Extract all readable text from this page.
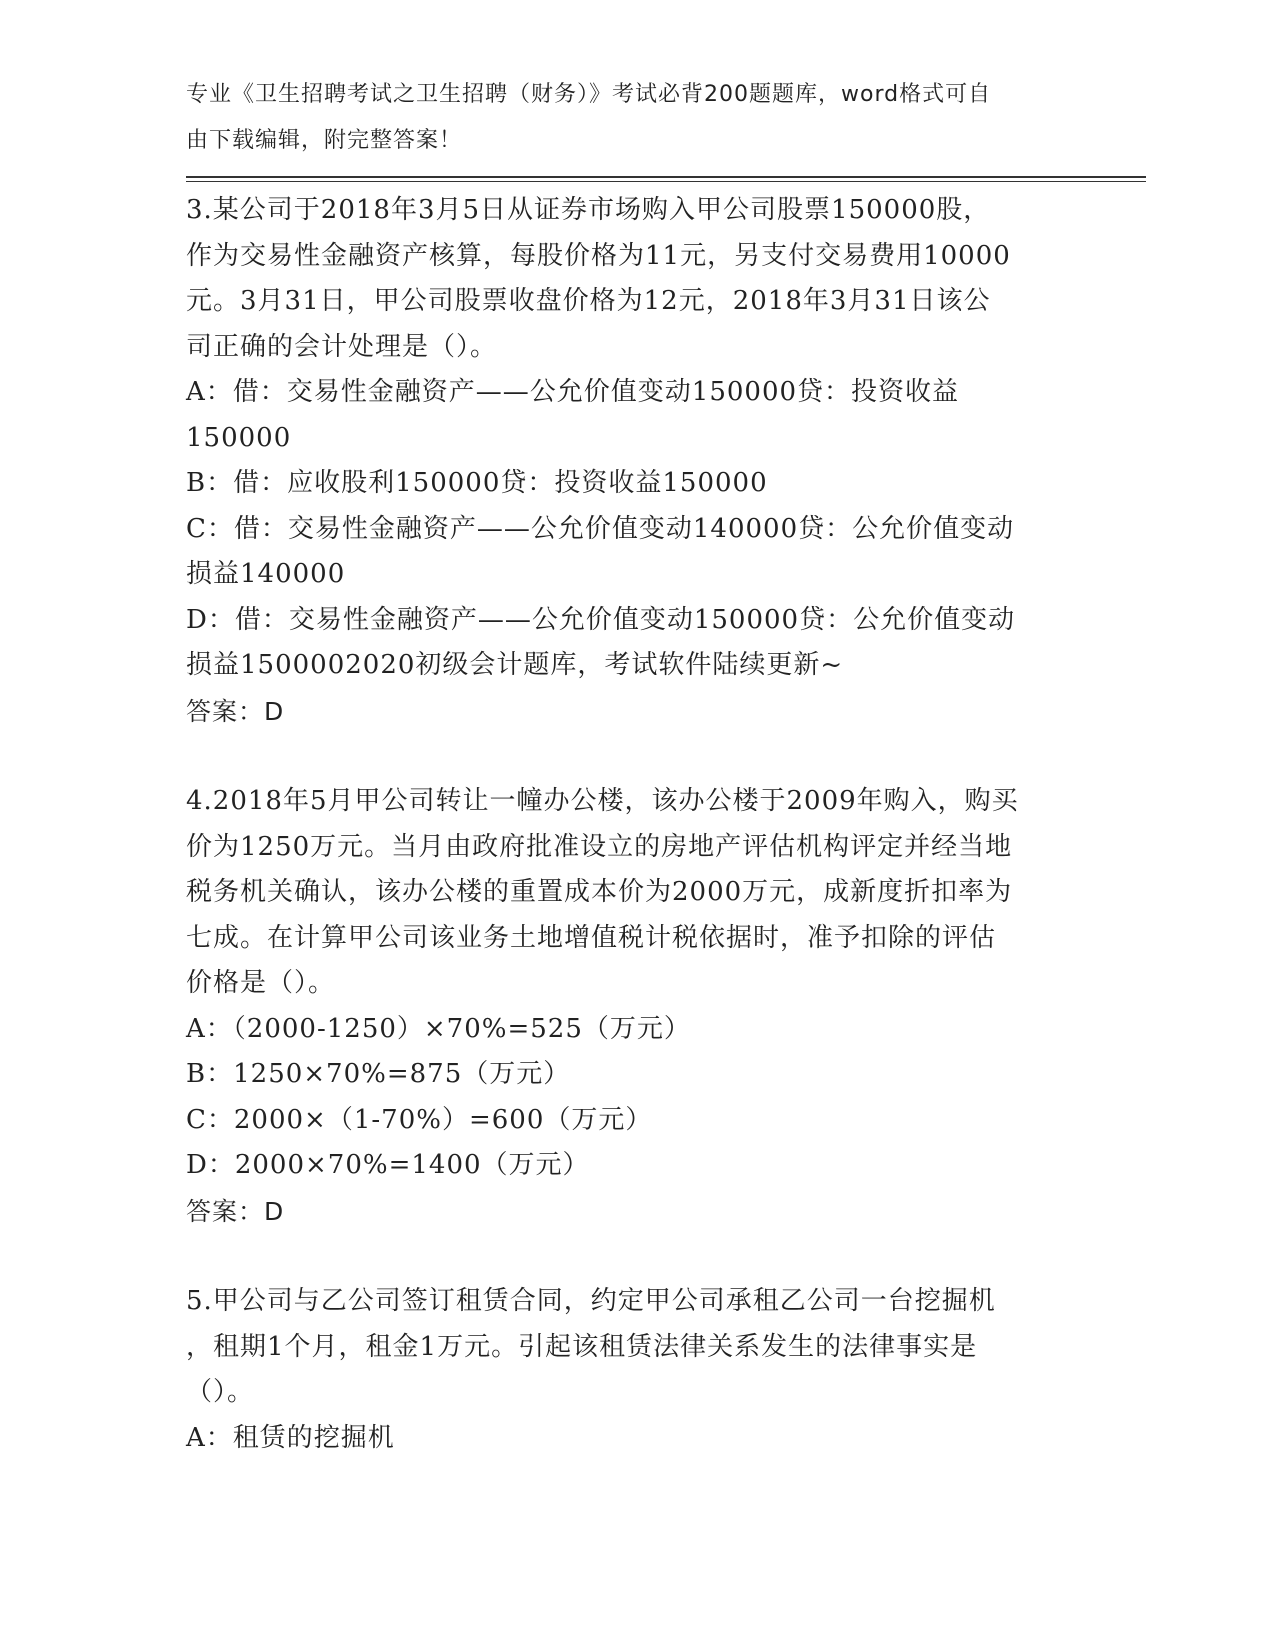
专业《卫生招聘考试之卫生招聘（财务）》考试必背200题题库，word格式可自
由下载编辑，附完整答案！
3.某公司于2018年3月5日从证券市场购入甲公司股票150000股，
作为交易性金融资产核算，每股价格为11元，另支付交易费用10000
元。3月31日，甲公司股票收盘价格为12元，2018年3月31日该公
司正确的会计处理是（）。
A：借：交易性金融资产——公允价值变动150000贷：投资收益
150000
B：借：应收股利150000贷：投资收益150000
C：借：交易性金融资产——公允价值变动140000贷：公允价值变动
损益140000
D：借：交易性金融资产——公允价值变动150000贷：公允价值变动
损益1500002020初级会计题库，考试软件陆续更新~
答案：D
4.2018年5月甲公司转让一幢办公楼，该办公楼于2009年购入，购买
价为1250万元。当月由政府批准设立的房地产评估机构评定并经当地
税务机关确认，该办公楼的重置成本价为2000万元，成新度折扣率为
七成。在计算甲公司该业务土地增值税计税依据时，准予扣除的评估
价格是（）。
A：（2000-1250）×70%=525（万元）
B：1250×70%=875（万元）
C：2000×（1-70%）=600（万元）
D：2000×70%=1400（万元）
答案：D
5.甲公司与乙公司签订租赁合同，约定甲公司承租乙公司一台挖掘机
，租期1个月，租金1万元。引起该租赁法律关系发生的法律事实是
（）。
A：租赁的挖掘机
